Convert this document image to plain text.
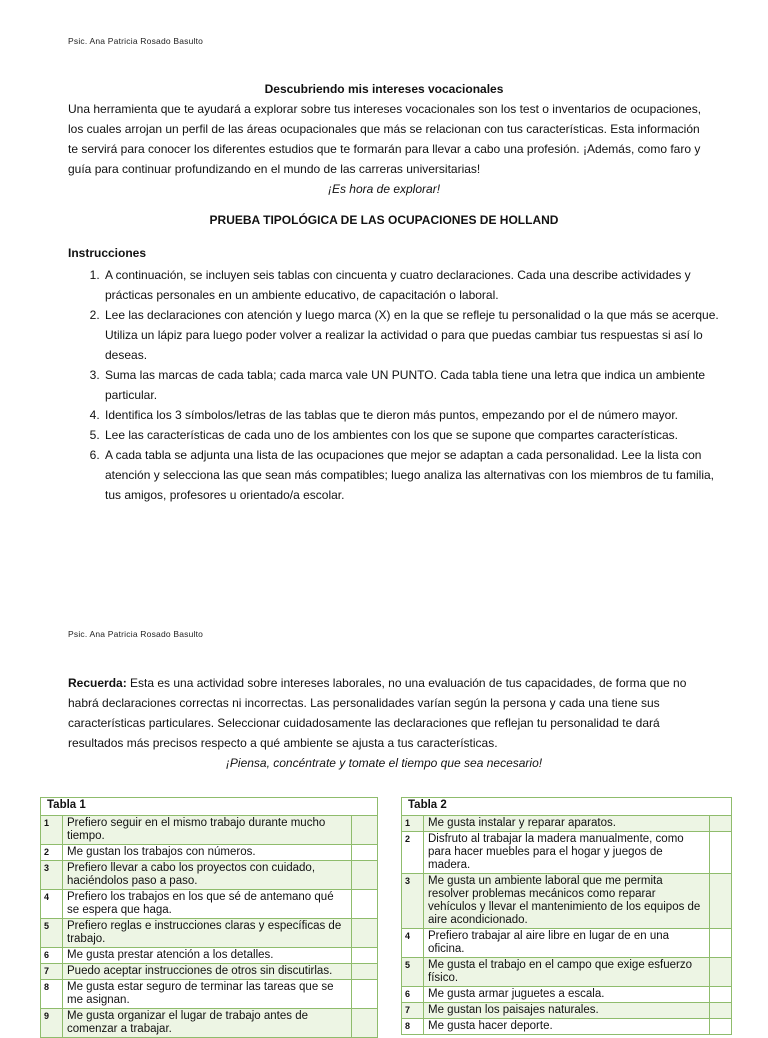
Psic. Ana Patricia Rosado Basulto
Descubriendo mis intereses vocacionales
Una herramienta que te ayudará a explorar sobre tus intereses vocacionales son los test o inventarios de ocupaciones, los cuales arrojan un perfil de las áreas ocupacionales que más se relacionan con tus características. Esta información te servirá para conocer los diferentes estudios que te formarán para llevar a cabo una profesión. ¡Además, como faro y guía para continuar profundizando en el mundo de las carreras universitarias!
¡Es hora de explorar!
PRUEBA TIPOLÓGICA DE LAS OCUPACIONES DE HOLLAND
Instrucciones
1. A continuación, se incluyen seis tablas con cincuenta y cuatro declaraciones. Cada una describe actividades y prácticas personales en un ambiente educativo, de capacitación o laboral.
2. Lee las declaraciones con atención y luego marca (X) en la que se refleje tu personalidad o la que más se acerque. Utiliza un lápiz para luego poder volver a realizar la actividad o para que puedas cambiar tus respuestas si así lo deseas.
3. Suma las marcas de cada tabla; cada marca vale UN PUNTO. Cada tabla tiene una letra que indica un ambiente particular.
4. Identifica los 3 símbolos/letras de las tablas que te dieron más puntos, empezando por el de número mayor.
5. Lee las características de cada uno de los ambientes con los que se supone que compartes características.
6. A cada tabla se adjunta una lista de las ocupaciones que mejor se adaptan a cada personalidad. Lee la lista con atención y selecciona las que sean más compatibles; luego analiza las alternativas con los miembros de tu familia, tus amigos, profesores u orientado/a escolar.
Psic. Ana Patricia Rosado Basulto
Recuerda: Esta es una actividad sobre intereses laborales, no una evaluación de tus capacidades, de forma que no habrá declaraciones correctas ni incorrectas. Las personalidades varían según la persona y cada una tiene sus características particulares. Seleccionar cuidadosamente las declaraciones que reflejan tu personalidad te dará resultados más precisos respecto a qué ambiente se ajusta a tus características.
¡Piensa, concéntrate y tomate el tiempo que sea necesario!
Tabla 1		
1	Prefiero seguir en el mismo trabajo durante mucho tiempo.	
2	Me gustan los trabajos con números.	
3	Prefiero llevar a cabo los proyectos con cuidado, haciéndolos paso a paso.	
4	Prefiero los trabajos en los que sé de antemano qué se espera que haga.	
5	Prefiero reglas e instrucciones claras y específicas de trabajo.	
6	Me gusta prestar atención a los detalles.	
7	Puedo aceptar instrucciones de otros sin discutirlas.	
8	Me gusta estar seguro de terminar las tareas que se me asignan.	
9	Me gusta organizar el lugar de trabajo antes de comenzar a trabajar.	
Tabla 2		
1	Me gusta instalar y reparar aparatos.	
2	Disfruto al trabajar la madera manualmente, como para hacer muebles para el hogar y juegos de madera.	
3	Me gusta un ambiente laboral que me permita resolver problemas mecánicos como reparar vehículos y llevar el mantenimiento de los equipos de aire acondicionado.	
4	Prefiero trabajar al aire libre en lugar de en una oficina.	
5	Me gusta el trabajo en el campo que exige esfuerzo físico.	
6	Me gusta armar juguetes a escala.	
7	Me gustan los paisajes naturales.	
8	Me gusta hacer deporte.	
